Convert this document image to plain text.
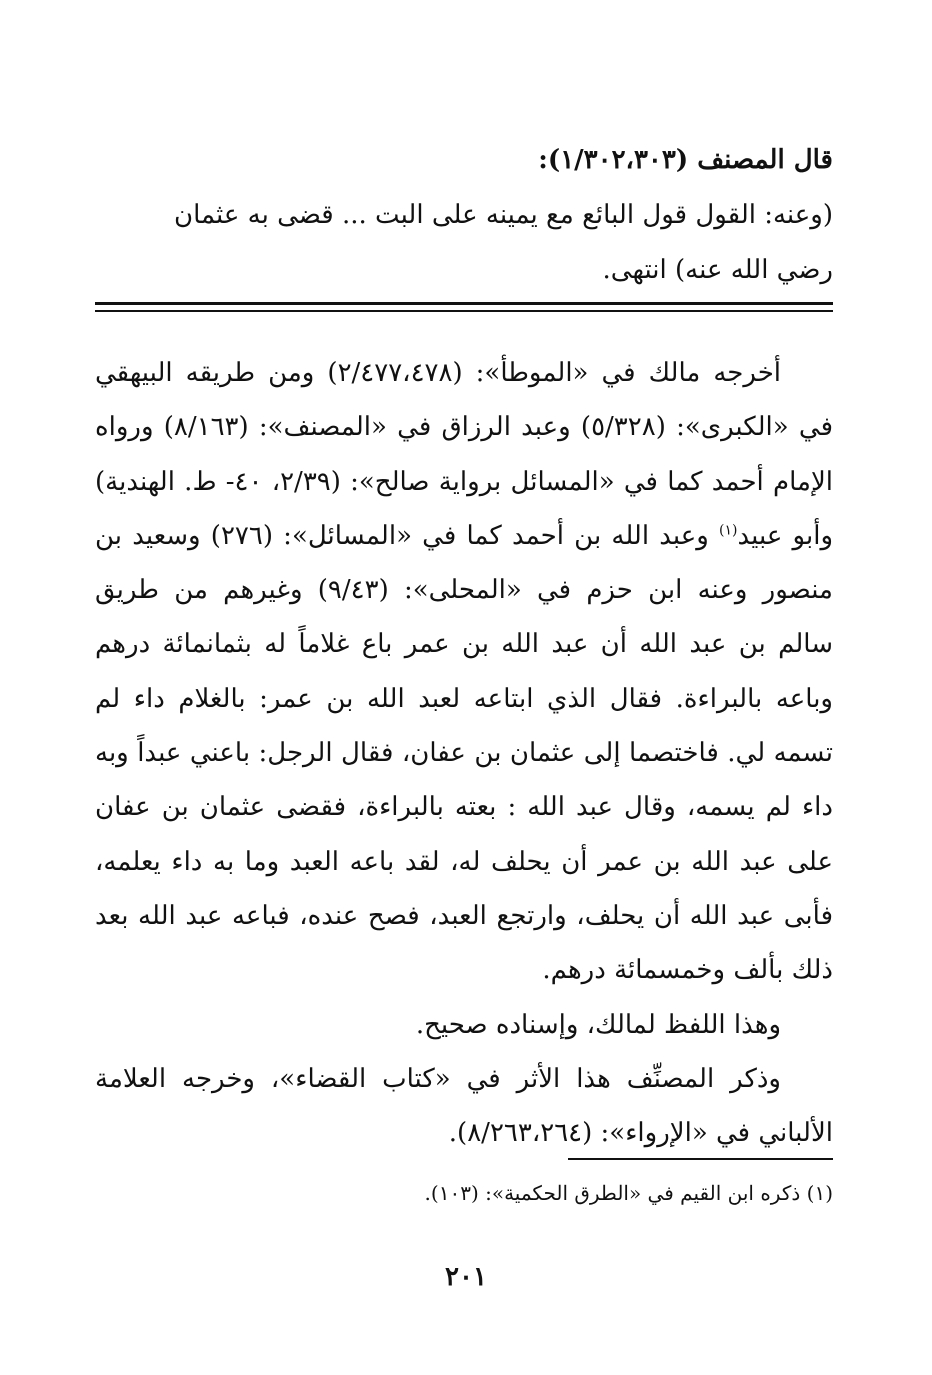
قال المصنف (١/٣٠٢،٣٠٣):

(وعنه: القول قول البائع مع يمينه على البت ... قضى به عثمان

رضي الله عنه) انتهى.

أخرجه مالك في «الموطأ»: (٢/٤٧٧،٤٧٨) ومن طريقه البيهقي في «الكبرى»: (٥/٣٢٨) وعبد الرزاق في «المصنف»: (٨/١٦٣) ورواه الإمام أحمد كما في «المسائل برواية صالح»: (٢/٣٩، ٤٠- ط. الهندية) وأبو عبيد$^{(١)}$ وعبد الله بن أحمد كما في «المسائل»: (٢٧٦) وسعيد بن منصور وعنه ابن حزم في «المحلى»: (٩/٤٣) وغيرهم من طريق سالم بن عبد الله أن عبد الله بن عمر باع غلاماً له بثمانمائة درهم وباعه بالبراءة. فقال الذي ابتاعه لعبد الله بن عمر: بالغلام داء لم تسمه لي. فاختصما إلى عثمان بن عفان، فقال الرجل: باعني عبداً وبه داء لم يسمه، وقال عبد الله : بعته بالبراءة، فقضى عثمان بن عفان على عبد الله بن عمر أن يحلف له، لقد باعه العبد وما به داء يعلمه، فأبى عبد الله أن يحلف، وارتجع العبد، فصح عنده، فباعه عبد الله بعد ذلك بألف وخمسمائة درهم.

وهذا اللفظ لمالك، وإسناده صحيح.

وذكر المصنِّف هذا الأثر في «كتاب القضاء»، وخرجه العلامة الألباني في «الإرواء»: (٨/٢٦٣،٢٦٤).

(١) ذكره ابن القيم في «الطرق الحكمية»: (١٠٣).
٢٠١
